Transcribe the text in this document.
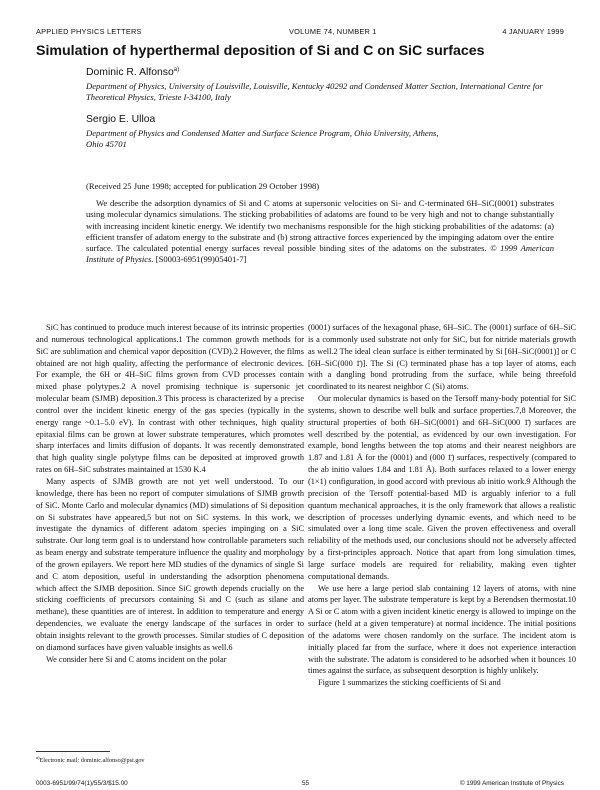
APPLIED PHYSICS LETTERS	VOLUME 74, NUMBER 1	4 JANUARY 1999
Simulation of hyperthermal deposition of Si and C on SiC surfaces
Dominic R. Alfonso$^{a)}$
Department of Physics, University of Louisville, Louisville, Kentucky 40292 and Condensed Matter Section, International Centre for Theoretical Physics, Trieste I-34100, Italy
Sergio E. Ulloa
Department of Physics and Condensed Matter and Surface Science Program, Ohio University, Athens, Ohio 45701
(Received 25 June 1998; accepted for publication 29 October 1998)

We describe the adsorption dynamics of Si and C atoms at supersonic velocities on Si- and C-terminated 6H–SiC(0001) substrates using molecular dynamics simulations. The sticking probabilities of adatoms are found to be very high and not to change substantially with increasing incident kinetic energy. We identify two mechanisms responsible for the high sticking probabilities of the adatoms: (a) efficient transfer of adatom energy to the substrate and (b) strong attractive forces experienced by the impinging adatom over the entire surface. The calculated potential energy surfaces reveal possible binding sites of the adatoms on the substrates. © 1999 American Institute of Physics. [S0003-6951(99)05401-7]

SiC has continued to produce much interest because of its intrinsic properties and numerous technological applications.1 The common growth methods for SiC are sublimation and chemical vapor deposition (CVD).2 However, the films obtained are not high quality, affecting the performance of electronic devices. For example, the 6H or 4H–SiC films grown from CVD processes contain mixed phase polytypes.2 A novel promising technique is supersonic jet molecular beam (SJMB) deposition.3 This process is characterized by a precise control over the incident kinetic energy of the gas species (typically in the energy range ~0.1–5.0 eV). In contrast with other techniques, high quality epitaxial films can be grown at lower substrate temperatures, which promotes sharp interfaces and limits diffusion of dopants. It was recently demonstrated that high quality single polytype films can be deposited at improved growth rates on 6H–SiC substrates maintained at 1530 K.4

Many aspects of SJMB growth are not yet well understood. To our knowledge, there has been no report of computer simulations of SJMB growth of SiC. Monte Carlo and molecular dynamics (MD) simulations of Si deposition on Si substrates have appeared,5 but not on SiC systems. In this work, we investigate the dynamics of different adatom species impinging on a SiC substrate. Our long term goal is to understand how controllable parameters such as beam energy and substrate temperature influence the quality and morphology of the grown epilayers. We report here MD studies of the dynamics of single Si and C atom deposition, useful in understanding the adsorption phenomena which affect the SJMB deposition. Since SiC growth depends crucially on the sticking coefficients of precursors containing Si and C (such as silane and methane), these quantities are of interest. In addition to temperature and energy dependencies, we evaluate the energy landscape of the surfaces in order to obtain insights relevant to the growth processes. Similar studies of C deposition on diamond surfaces have given valuable insights as well.6

We consider here Si and C atoms incident on the polar

(0001) surfaces of the hexagonal phase, 6H–SiC. The (0001) surface of 6H–SiC is a commonly used substrate not only for SiC, but for nitride materials growth as well.2 The ideal clean surface is either terminated by Si [6H–SiC(0001)] or C [6H–SiC(000 1̄)]. The Si (C) terminated phase has a top layer of atoms, each with a dangling bond protruding from the surface, while being threefold coordinated to its nearest neighbor C (Si) atoms.

Our molecular dynamics is based on the Tersoff many-body potential for SiC systems, shown to describe well bulk and surface properties.7,8 Moreover, the structural properties of both 6H–SiC(0001) and 6H–SiC(000 1̄) surfaces are well described by the potential, as evidenced by our own investigation. For example, bond lengths between the top atoms and their nearest neighbors are 1.87 and 1.81 Å for the (0001) and (000 1̄) surfaces, respectively (compared to the ab initio values 1.84 and 1.81 Å). Both surfaces relaxed to a lower energy (1×1) configuration, in good accord with previous ab initio work.9 Although the precision of the Tersoff potential-based MD is arguably inferior to a full quantum mechanical approaches, it is the only framework that allows a realistic description of processes underlying dynamic events, and which need to be simulated over a long time scale. Given the proven effectiveness and overall reliability of the methods used, our conclusions should not be adversely affected by a first-principles approach. Notice that apart from long simulation times, large surface models are required for reliability, making even tighter computational demands.

We use here a large period slab containing 12 layers of atoms, with nine atoms per layer. The substrate temperature is kept by a Berendsen thermostat.10 A Si or C atom with a given incident kinetic energy is allowed to impinge on the surface (held at a given temperature) at normal incidence. The initial positions of the adatoms were chosen randomly on the surface. The incident atom is initially placed far from the surface, where it does not experience interaction with the substrate. The adatom is considered to be adsorbed when it bounces 10 times against the surface, as subsequent desorption is highly unlikely.

Figure 1 summarizes the sticking coefficients of Si and

$^{a)}$Electronic mail: dominic.alfonso@psi.gov
0003-6951/99/74(1)/55/3/$15.00	55	© 1999 American Institute of Physics
